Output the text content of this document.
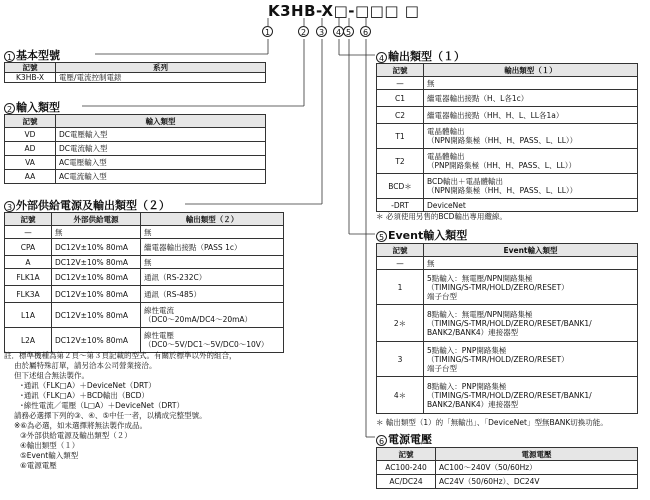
K3HB-X□-□□□ □
1	2	3	4 5	6
1 基本型號
記號	系列
K3HB-X	電壓/電流控制電錶
2 輸入類型
記號	輸入類型
VD	DC電壓輸入型
AD	DC電流輸入型
VA	AC電壓輸入型
AA	AC電流輸入型
3 外部供給電源及輸出類型（２）
記號	外部供給電源	輸出類型（２）
—	無	無
CPA	DC12V±10% 80mA	繼電器輸出接點（PASS 1c）
A	DC12V±10% 80mA	無
FLK1A	DC12V±10% 80mA	通訊（RS-232C）
FLK3A	DC12V±10% 80mA	通訊（RS-485）
L1A	DC12V±10% 80mA	線性電流
（DC0～20mA/DC4～20mA）

L2A	DC12V±10% 80mA	線性電壓
（DC0～5V/DC1～5V/DC0～10V）
註．標準機種為第２頁～第３頁記載的型式。有關於標準以外的組合，
由於屬特殊訂單，請另洽本公司營業接洽。
但下述組合無法製作。
･通訊（FLK□A）＋DeviceNet（DRT）
･通訊（FLK□A）＋BCD輸出（BCD）
･線性電流／電壓（L□A）＋DeviceNet（DRT）
請務必選擇下列的③、④、⑤中任一者，以構成完整型號。
※⑥為必選，如未選擇將無法製作成品。
③外部供給電源及輸出類型（２）
④輸出類型（１）
⑤Event輸入類型
⑥電源電壓
4 輸出類型（１）
記號	輸出類型（１）
—	無
C1	繼電器輸出接點（H、L各1c）
C2	繼電器輸出接點（HH、H、L、LL各1a）
T1	電晶體輸出
（NPN開路集極（HH、H、PASS、L、LL））

T2	電晶體輸出
（PNP開路集極（HH、H、PASS、L、LL））

BCD＊	BCD輸出＋電晶體輸出
（NPN開路集極（HH、H、PASS、L、LL））

-DRT	DeviceNet
＊ 必須使用另售的BCD輸出專用纜線。
5 Event輸入類型
記號	Event輸入類型
—	無
1	5點輸入：無電壓/NPN開路集極
（TIMING/S-TMR/HOLD/ZERO/RESET）
端子台型

2＊	8點輸入：無電壓/NPN開路集極
（TIMING/S-TMR/HOLD/ZERO/RESET/BANK1/
BANK2/BANK4）連接器型

3	5點輸入：PNP開路集極
（TIMING/S-TMR/HOLD/ZERO/RESET）
端子台型

4＊	8點輸入：PNP開路集極
（TIMING/S-TMR/HOLD/ZERO/RESET/BANK1/
BANK2/BANK4）連接器型
＊ 輸出類型（1）的「無輸出」、「DeviceNet」型無BANK切換功能。
6 電源電壓
記號	電源電壓
AC100-240	AC100～240V（50/60Hz）
AC/DC24	AC24V（50/60Hz）、DC24V
